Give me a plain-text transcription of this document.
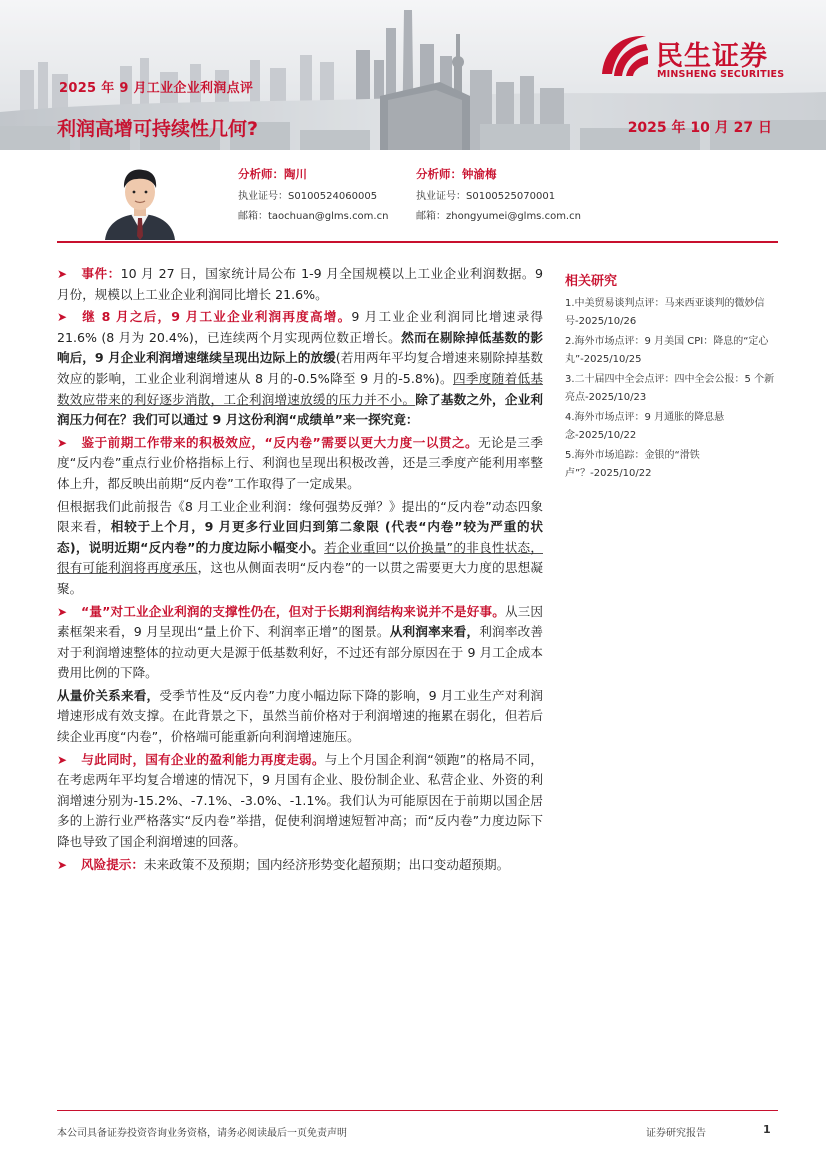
2025 年 9 月工业企业利润点评
利润高增可持续性几何?	2025 年 10 月 27 日
民生证券
MINSHENG SECURITIES
分析师：陶川
执业证号：S0100524060005
邮箱：taochuan@glms.com.cn
分析师：钟渝梅
执业证号：S0100525070001
邮箱：zhongyumei@glms.com.cn

➤ 事件：10 月 27 日，国家统计局公布 1-9 月全国规模以上工业企业利润数据。9 月份，规模以上工业企业利润同比增长 21.6%。

➤ 继 8 月之后，9 月工业企业利润再度高增。9 月工业企业利润同比增速录得 21.6% (8 月为 20.4%)，已连续两个月实现两位数正增长。然而在剔除掉低基数的影响后，9 月企业利润增速继续呈现出边际上的放缓(若用两年平均复合增速来剔除掉基数效应的影响，工业企业利润增速从 8 月的-0.5%降至 9 月的-5.8%)。四季度随着低基数效应带来的利好逐步消散，工企利润增速放缓的压力并不小。除了基数之外，企业利润压力何在？我们可以通过 9 月这份利润“成绩单”来一探究竟：

➤ 鉴于前期工作带来的积极效应，“反内卷”需要以更大力度一以贯之。无论是三季度“反内卷”重点行业价格指标上行、利润也呈现出积极改善，还是三季度产能利用率整体上升，都反映出前期“反内卷”工作取得了一定成果。

但根据我们此前报告《8 月工业企业利润：缘何强势反弹？》提出的“反内卷”动态四象限来看，相较于上个月，9 月更多行业回归到第二象限 (代表“内卷”较为严重的状态)，说明近期“反内卷”的力度边际小幅变小。若企业重回“以价换量”的非良性状态，很有可能利润将再度承压，这也从侧面表明“反内卷”的一以贯之需要更大力度的思想凝聚。

➤ “量”对工业企业利润的支撑性仍在，但对于长期利润结构来说并不是好事。从三因素框架来看，9 月呈现出“量上价下、利润率正增”的图景。从利润率来看，利润率改善对于利润增速整体的拉动更大是源于低基数利好，不过还有部分原因在于 9 月工企成本费用比例的下降。

从量价关系来看，受季节性及“反内卷”力度小幅边际下降的影响，9 月工业生产对利润增速形成有效支撑。在此背景之下，虽然当前价格对于利润增速的拖累在弱化，但若后续企业再度“内卷”，价格端可能重新向利润增速施压。

➤ 与此同时，国有企业的盈利能力再度走弱。与上个月国企利润“领跑”的格局不同，在考虑两年平均复合增速的情况下，9 月国有企业、股份制企业、私营企业、外资的利润增速分别为-15.2%、-7.1%、-3.0%、-1.1%。我们认为可能原因在于前期以国企居多的上游行业严格落实“反内卷”举措，促使利润增速短暂冲高；而“反内卷”力度边际下降也导致了国企利润增速的回落。

➤ 风险提示：未来政策不及预期；国内经济形势变化超预期；出口变动超预期。

相关研究
1.中美贸易谈判点评：马来西亚谈判的微妙信号-2025/10/26
2.海外市场点评：9 月美国 CPI：降息的“定心丸”-2025/10/25
3.二十届四中全会点评：四中全会公报：5 个新亮点-2025/10/23
4.海外市场点评：9 月通胀的降息悬念-2025/10/22
5.海外市场追踪：金银的“滑铁卢”？-2025/10/22
本公司具备证券投资咨询业务资格，请务必阅读最后一页免责声明	证券研究报告	1
